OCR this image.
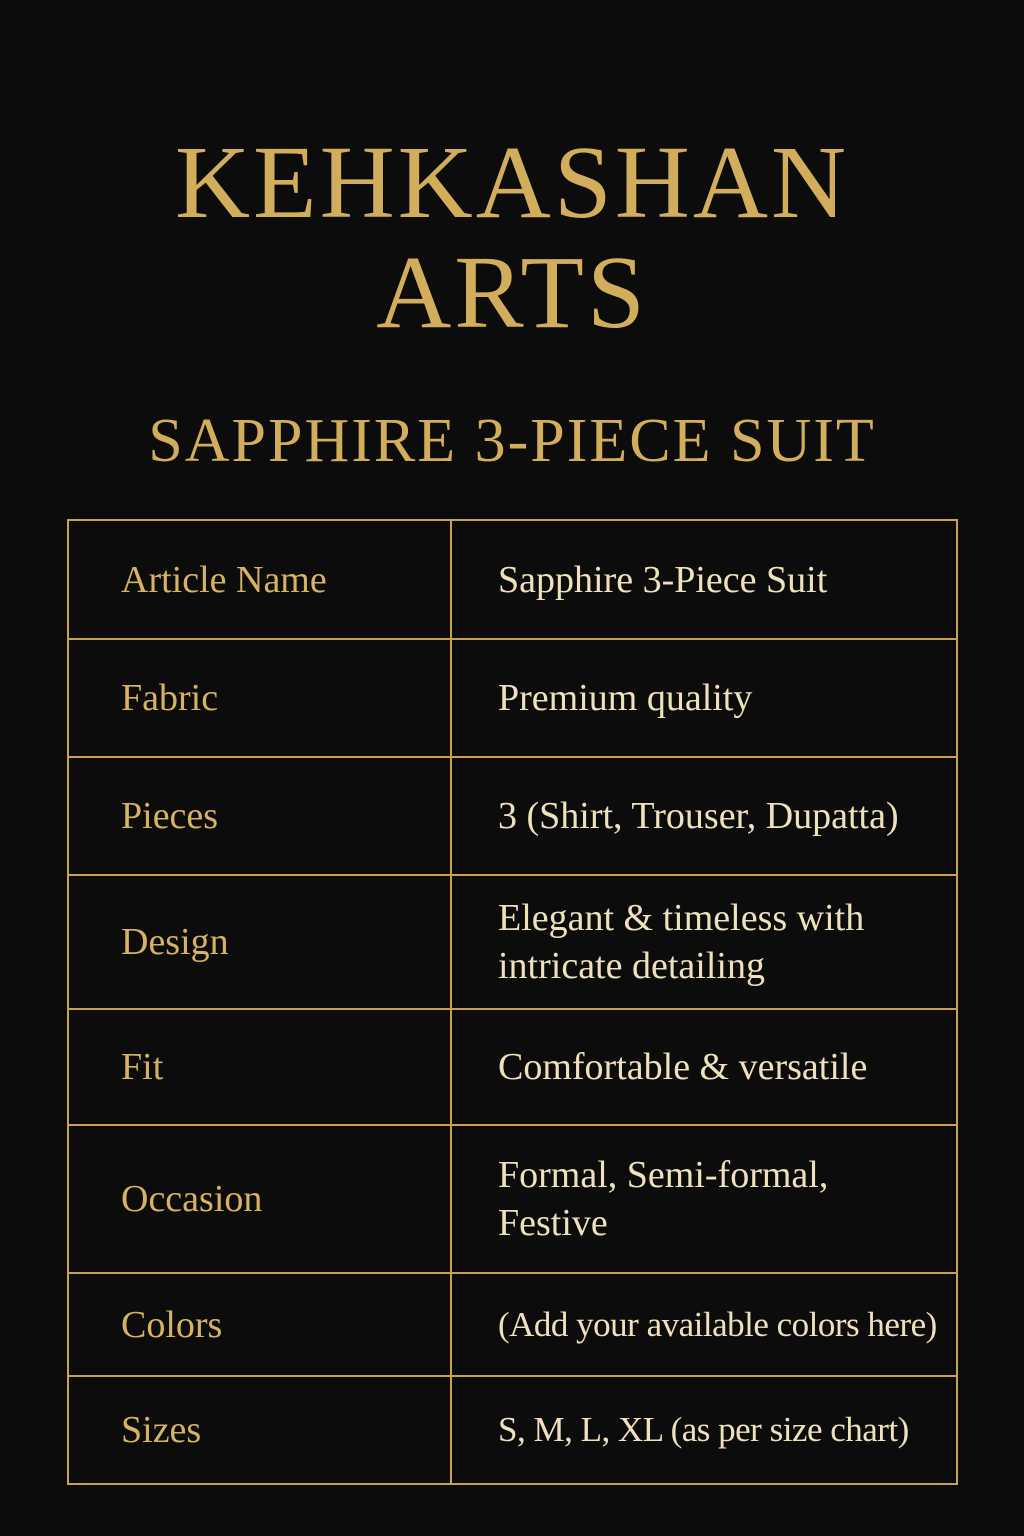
KEHKASHAN
ARTS
SAPPHIRE 3-PIECE SUIT
Article Name	Sapphire 3-Piece Suit
Fabric	Premium quality
Pieces	3 (Shirt, Trouser, Dupatta)
Design	Elegant & timeless with
intricate detailing
Fit	Comfortable & versatile
Occasion	Formal, Semi-formal,
Festive
Colors	(Add your available colors here)
Sizes	S, M, L, XL (as per size chart)
